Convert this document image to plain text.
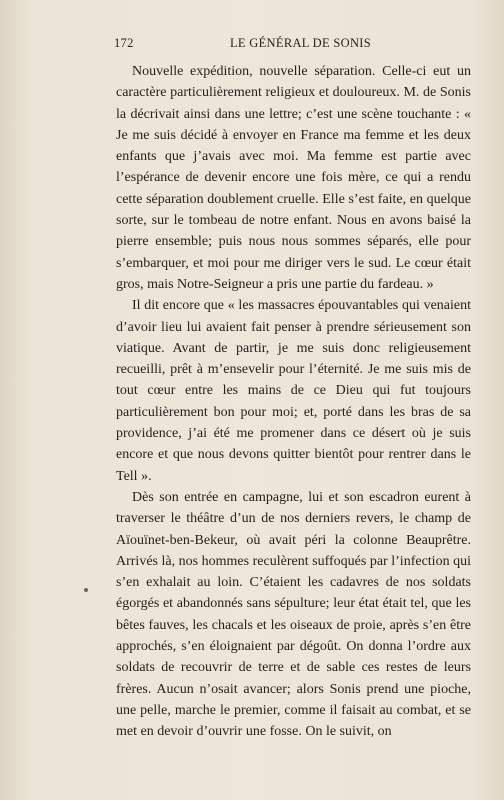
172	LE GÉNÉRAL DE SONIS

Nouvelle expédition, nouvelle séparation. Celle-ci eut un caractère particulièrement religieux et douloureux. M. de Sonis la décrivait ainsi dans une lettre; c’est une scène touchante : « Je me suis décidé à envoyer en France ma femme et les deux enfants que j’avais avec moi. Ma femme est partie avec l’espérance de devenir encore une fois mère, ce qui a rendu cette séparation doublement cruelle. Elle s’est faite, en quelque sorte, sur le tombeau de notre enfant. Nous en avons baisé la pierre ensemble; puis nous nous sommes séparés, elle pour s’embarquer, et moi pour me diriger vers le sud. Le cœur était gros, mais Notre-Seigneur a pris une partie du fardeau. »

Il dit encore que « les massacres épouvantables qui venaient d’avoir lieu lui avaient fait penser à prendre sérieusement son viatique. Avant de partir, je me suis donc religieusement recueilli, prêt à m’ensevelir pour l’éternité. Je me suis mis de tout cœur entre les mains de ce Dieu qui fut toujours particulièrement bon pour moi; et, porté dans les bras de sa providence, j’ai été me promener dans ce désert où je suis encore et que nous devons quitter bientôt pour rentrer dans le Tell ».

Dès son entrée en campagne, lui et son escadron eurent à traverser le théâtre d’un de nos derniers revers, le champ de Aïouïnet-ben-Bekeur, où avait péri la colonne Beauprêtre. Arrivés là, nos hommes reculèrent suffoqués par l’infection qui s’en exhalait au loin. C’étaient les cadavres de nos soldats égorgés et abandonnés sans sépulture; leur état était tel, que les bêtes fauves, les chacals et les oiseaux de proie, après s’en être approchés, s’en éloignaient par dégoût. On donna l’ordre aux soldats de recouvrir de terre et de sable ces restes de leurs frères. Aucun n’osait avancer; alors Sonis prend une pioche, une pelle, marche le premier, comme il faisait au combat, et se met en devoir d’ouvrir une fosse. On le suivit, on
